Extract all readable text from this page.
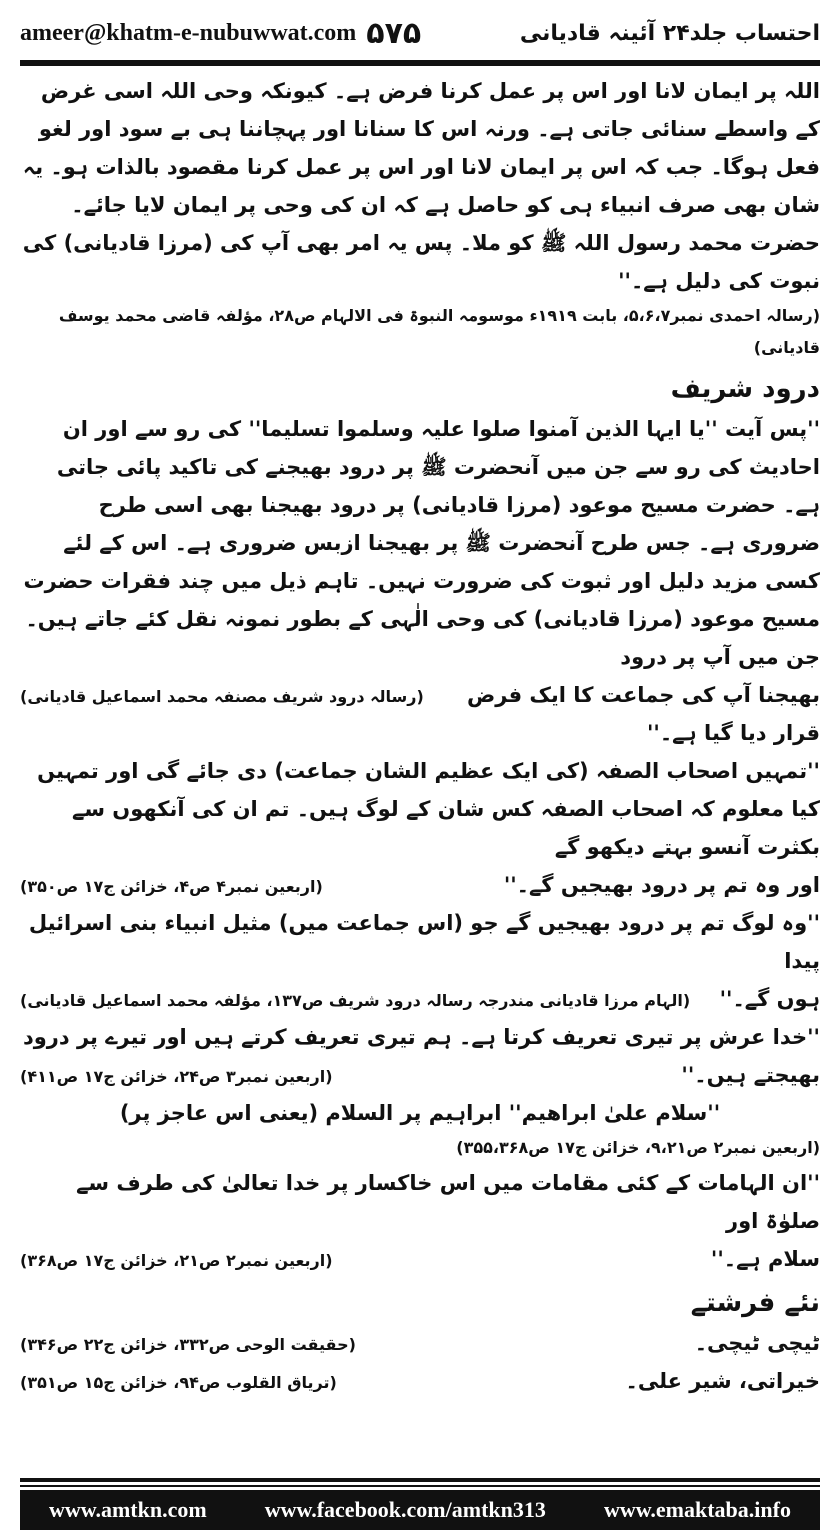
ameer@khatm-e-nubuwwat.com ۵۷۵	احتساب جلد۲۴ آئینہ قادیانی

اللہ پر ایمان لانا اور اس پر عمل کرنا فرض ہے۔ کیونکہ وحی اللہ اسی غرض کے واسطے سنائی جاتی ہے۔ ورنہ اس کا سنانا اور پہچاننا ہی بے سود اور لغو فعل ہوگا۔ جب کہ اس پر ایمان لانا اور اس پر عمل کرنا مقصود بالذات ہو۔ یہ شان بھی صرف انبیاء ہی کو حاصل ہے کہ ان کی وحی پر ایمان لایا جائے۔ حضرت محمد رسول اللہ ﷺ کو ملا۔ پس یہ امر بھی آپ کی (مرزا قادیانی) کی نبوت کی دلیل ہے۔''

(رسالہ احمدی نمبر۵،۶،۷، بابت ۱۹۱۹ء موسومہ النبوۃ فی الالہام ص۲۸، مؤلفہ قاضی محمد یوسف قادیانی)

درود شریف

''پس آیت ''یا ایہا الذین آمنوا صلوا علیہ وسلموا تسلیما'' کی رو سے اور ان احادیث کی رو سے جن میں آنحضرت ﷺ پر درود بھیجنے کی تاکید پائی جاتی ہے۔ حضرت مسیح موعود (مرزا قادیانی) پر درود بھیجنا بھی اسی طرح ضروری ہے۔ جس طرح آنحضرت ﷺ پر بھیجنا ازبس ضروری ہے۔ اس کے لئے کسی مزید دلیل اور ثبوت کی ضرورت نہیں۔ تاہم ذیل میں چند فقرات حضرت مسیح موعود (مرزا قادیانی) کی وحی الٰہی کے بطور نمونہ نقل کئے جاتے ہیں۔ جن میں آپ پر درود

بھیجنا آپ کی جماعت کا ایک فرض قرار دیا گیا ہے۔''
(رسالہ درود شریف مصنفہ محمد اسماعیل قادیانی)

''تمہیں اصحاب الصفہ (کی ایک عظیم الشان جماعت) دی جائے گی اور تمہیں کیا معلوم کہ اصحاب الصفہ کس شان کے لوگ ہیں۔ تم ان کی آنکھوں سے بکثرت آنسو بہتے دیکھو گے

اور وہ تم پر درود بھیجیں گے۔''
(اربعین نمبر۴ ص۴، خزائن ج۱۷ ص۳۵۰)

''وہ لوگ تم پر درود بھیجیں گے جو (اس جماعت میں) مثیل انبیاء بنی اسرائیل پیدا

ہوں گے۔''
(الہام مرزا قادیانی مندرجہ رسالہ درود شریف ص۱۳۷، مؤلفہ محمد اسماعیل قادیانی)

''خدا عرش پر تیری تعریف کرتا ہے۔ ہم تیری تعریف کرتے ہیں اور تیرے پر درود

بھیجتے ہیں۔''
(اربعین نمبر۳ ص۲۴، خزائن ج۱۷ ص۴۱۱)

''سلام علیٰ ابراھیم'' ابراہیم پر السلام (یعنی اس عاجز پر)

(اربعین نمبر۲ ص۹،۲۱، خزائن ج۱۷ ص۳۵۵،۳۶۸)

''ان الہامات کے کئی مقامات میں اس خاکسار پر خدا تعالیٰ کی طرف سے صلوٰۃ اور

سلام ہے۔''
(اربعین نمبر۲ ص۲۱، خزائن ج۱۷ ص۳۶۸)

نئے فرشتے

ٹیچی ٹیچی۔
(حقیقت الوحی ص۳۳۲، خزائن ج۲۲ ص۳۴۶)
خیراتی، شیر علی۔
(تریاق القلوب ص۹۴، خزائن ج۱۵ ص۳۵۱)
www.amtkn.com	www.facebook.com/amtkn313	www.emaktaba.info
